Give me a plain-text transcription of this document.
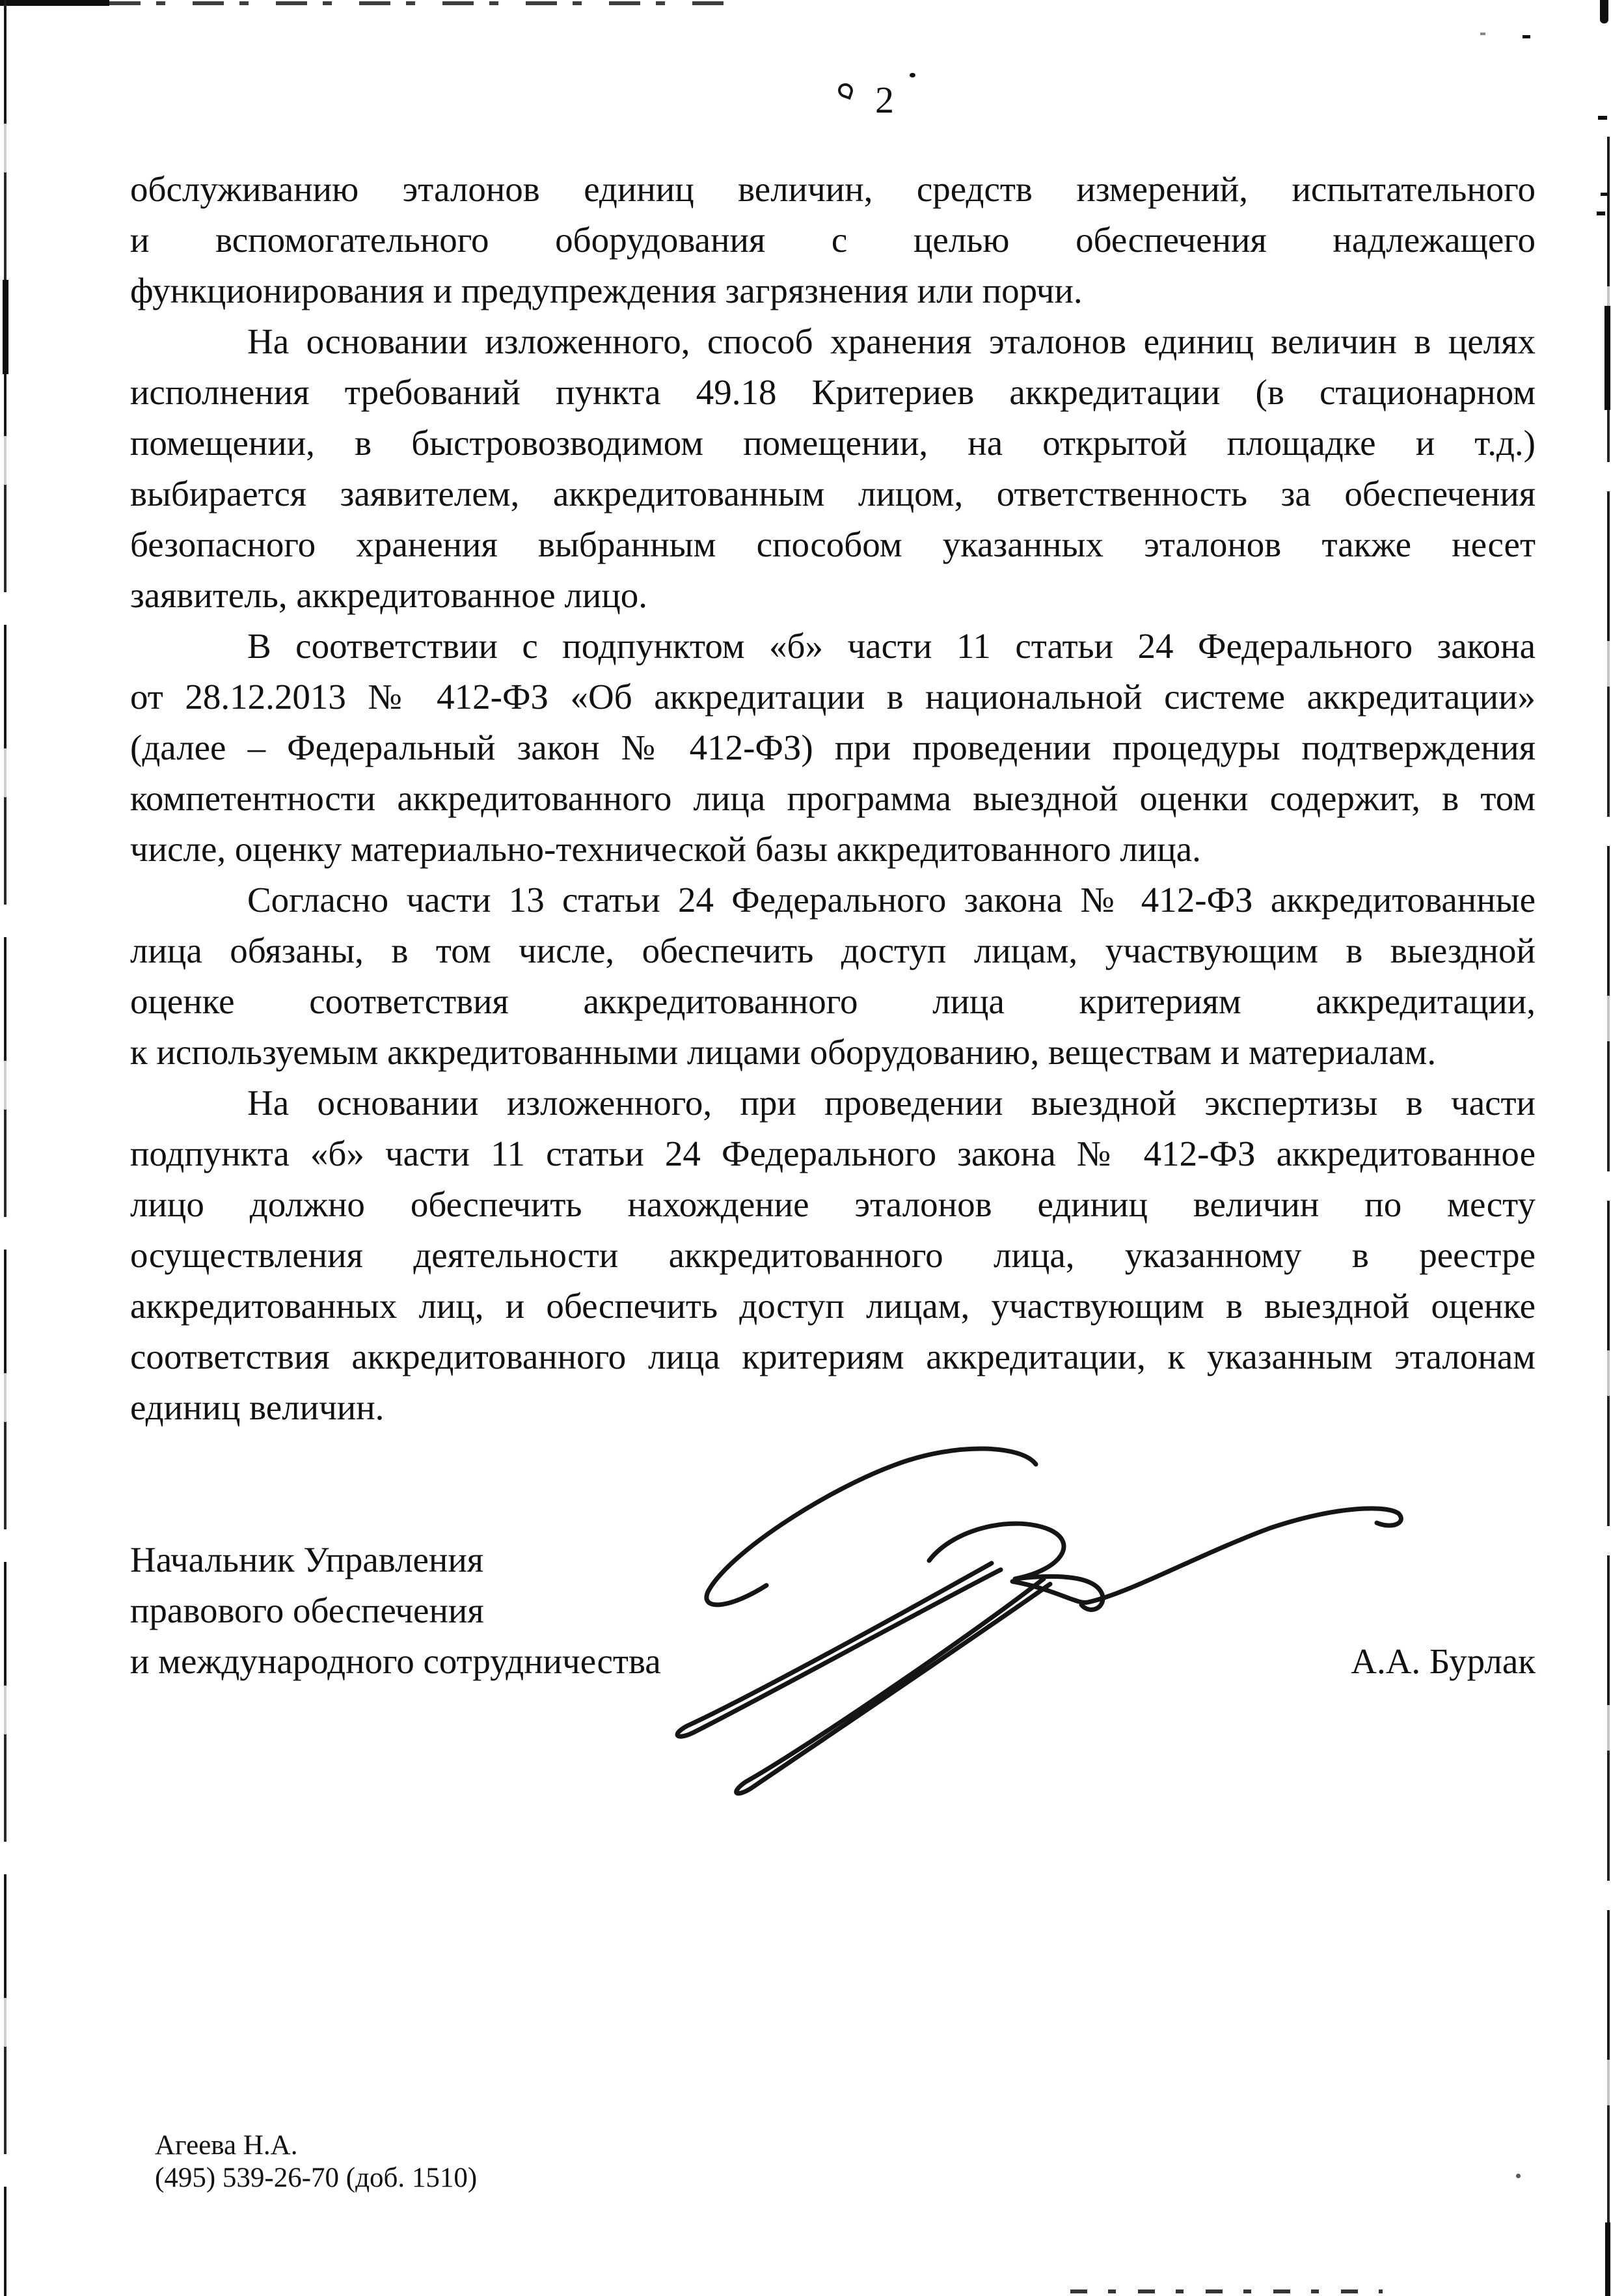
2
обслуживанию эталонов единиц величин, средств измерений, испытательного
и вспомогательного оборудования с целью обеспечения надлежащего
функционирования и предупреждения загрязнения или порчи.
На основании изложенного, способ хранения эталонов единиц величин в целях
исполнения требований пункта 49.18 Критериев аккредитации (в стационарном
помещении, в быстровозводимом помещении, на открытой площадке и т.д.)
выбирается заявителем, аккредитованным лицом, ответственность за обеспечения
безопасного хранения выбранным способом указанных эталонов также несет
заявитель, аккредитованное лицо.
В соответствии с подпунктом «б» части 11 статьи 24 Федерального закона
от 28.12.2013 № 412-ФЗ «Об аккредитации в национальной системе аккредитации»
(далее – Федеральный закон № 412-ФЗ) при проведении процедуры подтверждения
компетентности аккредитованного лица программа выездной оценки содержит, в том
числе, оценку материально-технической базы аккредитованного лица.
Согласно части 13 статьи 24 Федерального закона № 412-ФЗ аккредитованные
лица обязаны, в том числе, обеспечить доступ лицам, участвующим в выездной
оценке соответствия аккредитованного лица критериям аккредитации,
к используемым аккредитованными лицами оборудованию, веществам и материалам.
На основании изложенного, при проведении выездной экспертизы в части
подпункта «б» части 11 статьи 24 Федерального закона № 412-ФЗ аккредитованное
лицо должно обеспечить нахождение эталонов единиц величин по месту
осуществления деятельности аккредитованного лица, указанному в реестре
аккредитованных лиц, и обеспечить доступ лицам, участвующим в выездной оценке
соответствия аккредитованного лица критериям аккредитации, к указанным эталонам
единиц величин.
Начальник Управления
правового обеспечения
и международного сотрудничества	А.А. Бурлак
Агеева Н.А.
(495) 539-26-70 (доб. 1510)
